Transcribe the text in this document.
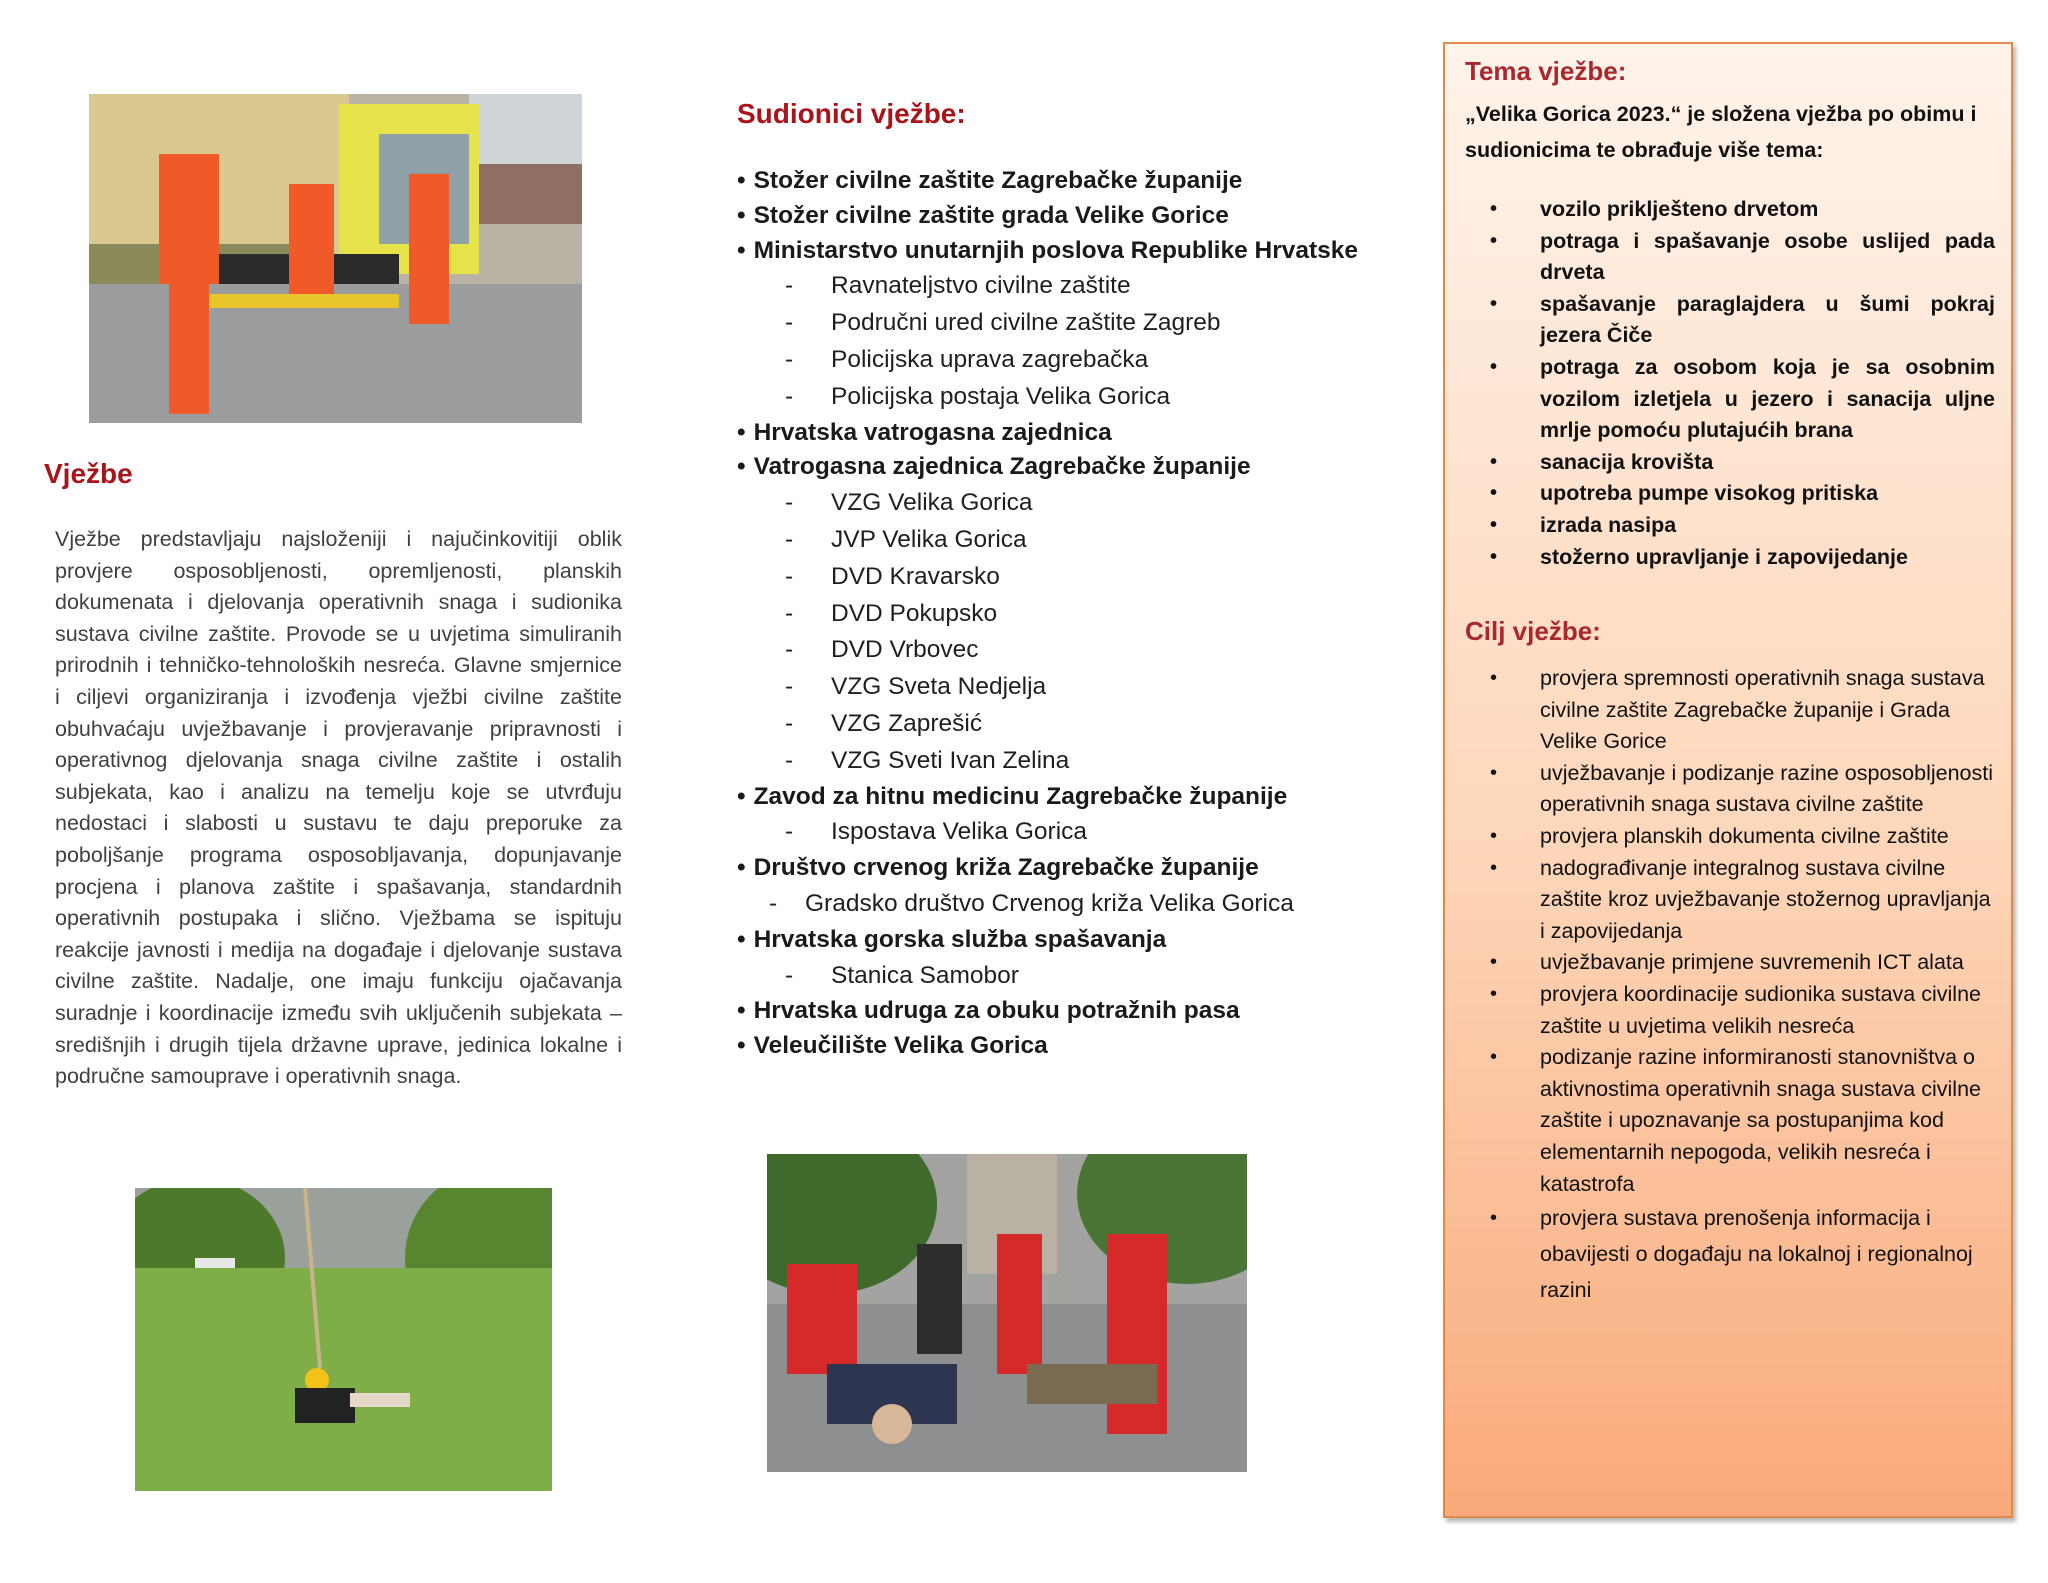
Vježbe

Vježbe predstavljaju najsloženiji i najučinkovitiji oblik provjere osposobljenosti, opremljenosti, planskih dokumenata i djelovanja operativnih snaga i sudionika sustava civilne zaštite. Provode se u uvjetima simuliranih prirodnih i tehničko-tehnoloških nesreća. Glavne smjernice i ciljevi organiziranja i izvođenja vježbi civilne zaštite obuhvaćaju uvježbavanje i provjeravanje pripravnosti i operativnog djelovanja snaga civilne zaštite i ostalih subjekata, kao i analizu na temelju koje se utvrđuju nedostaci i slabosti u sustavu te daju preporuke za poboljšanje programa osposobljavanja, dopunjavanje procjena i planova zaštite i spašavanja, standardnih operativnih postupaka i slično. Vježbama se ispituju reakcije javnosti i medija na događaje i djelovanje sustava civilne zaštite. Nadalje, one imaju funkciju ojačavanja suradnje i koordinacije između svih uključenih subjekata – središnjih i drugih tijela državne uprave, jedinica lokalne i područne samouprave i operativnih snaga.

Sudionici vježbe:
• Stožer civilne zaštite Zagrebačke županije
• Stožer civilne zaštite grada Velike Gorice
• Ministarstvo unutarnjih poslova Republike Hrvatske
- Ravnateljstvo civilne zaštite
- Područni ured civilne zaštite Zagreb
- Policijska uprava zagrebačka
- Policijska postaja Velika Gorica
• Hrvatska vatrogasna zajednica
• Vatrogasna zajednica Zagrebačke županije
- VZG Velika Gorica
- JVP Velika Gorica
- DVD Kravarsko
- DVD Pokupsko
- DVD Vrbovec
- VZG Sveta Nedjelja
- VZG Zaprešić
- VZG Sveti Ivan Zelina
• Zavod za hitnu medicinu Zagrebačke županije
- Ispostava Velika Gorica
• Društvo crvenog križa Zagrebačke županije
- Gradsko društvo Crvenog križa Velika Gorica
• Hrvatska gorska služba spašavanja
- Stanica Samobor
• Hrvatska udruga za obuku potražnih pasa
• Veleučilište Velika Gorica
Tema vježbe:

„Velika Gorica 2023.“ je složena vježba po obimu i sudionicima te obrađuje više tema:

• vozilo priklješteno drvetom
• potraga i spašavanje osobe uslijed pada drveta
• spašavanje paraglajdera u šumi pokraj jezera Čiče
• potraga za osobom koja je sa osobnim vozilom izletjela u jezero i sanacija uljne mrlje pomoću plutajućih brana
• sanacija krovišta
• upotreba pumpe visokog pritiska
• izrada nasipa
• stožerno upravljanje i zapovijedanje
Cilj vježbe:
• provjera spremnosti operativnih snaga sustava civilne zaštite Zagrebačke županije i Grada Velike Gorice
• uvježbavanje i podizanje razine osposobljenosti operativnih snaga sustava civilne zaštite
• provjera planskih dokumenta civilne zaštite
• nadograđivanje integralnog sustava civilne zaštite kroz uvježbavanje stožernog upravljanja i zapovijedanja
• uvježbavanje primjene suvremenih ICT alata
• provjera koordinacije sudionika sustava civilne zaštite u uvjetima velikih nesreća
• podizanje razine informiranosti stanovništva o aktivnostima operativnih snaga sustava civilne zaštite i upoznavanje sa postupanjima kod elementarnih nepogoda, velikih nesreća i katastrofa
• provjera sustava prenošenja informacija i obavijesti o događaju na lokalnoj i regionalnoj razini
